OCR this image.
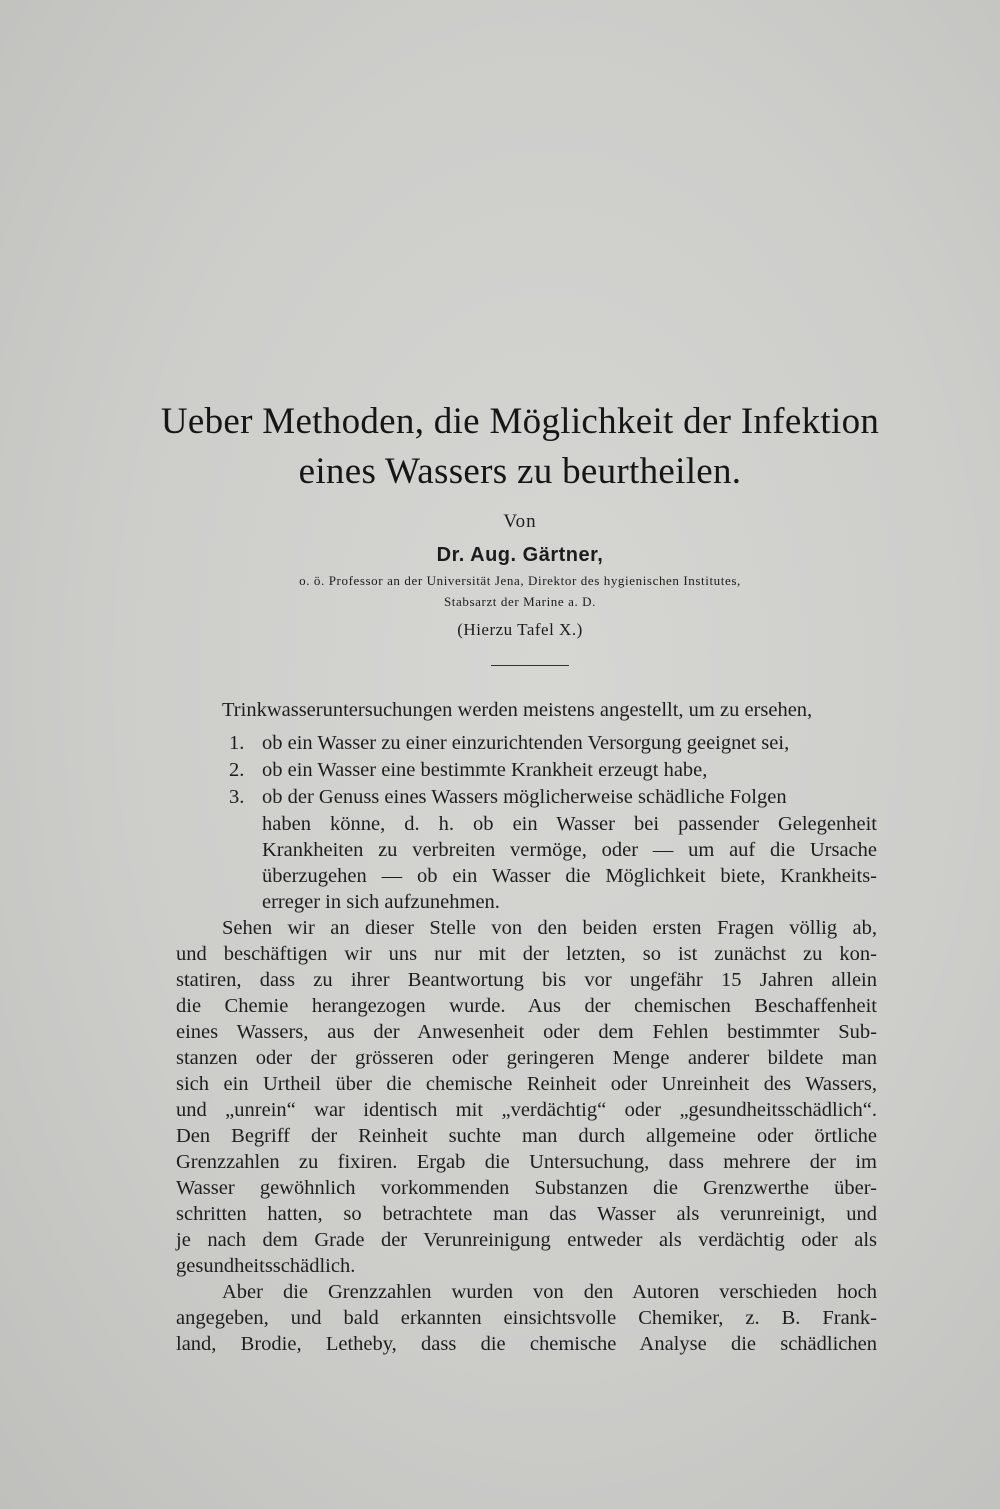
Ueber Methoden, die Möglichkeit der Infektion
eines Wassers zu beurtheilen.

Von

Dr. Aug. Gärtner,

o. ö. Professor an der Universität Jena, Direktor des hygienischen Institutes,

Stabsarzt der Marine a. D.

(Hierzu Tafel X.)

Trinkwasseruntersuchungen werden meistens angestellt, um zu ersehen,

1. ob ein Wasser zu einer einzurichtenden Versorgung geeignet sei,

2. ob ein Wasser eine bestimmte Krankheit erzeugt habe,

3. ob der Genuss eines Wassers möglicherweise schädliche Folgen

haben könne, d. h. ob ein Wasser bei passender Gelegenheit

Krankheiten zu verbreiten vermöge, oder — um auf die Ursache

überzugehen — ob ein Wasser die Möglichkeit biete, Krankheits-

erreger in sich aufzunehmen.

Sehen wir an dieser Stelle von den beiden ersten Fragen völlig ab,

und beschäftigen wir uns nur mit der letzten, so ist zunächst zu kon-

statiren, dass zu ihrer Beantwortung bis vor ungefähr 15 Jahren allein

die Chemie herangezogen wurde. Aus der chemischen Beschaffenheit

eines Wassers, aus der Anwesenheit oder dem Fehlen bestimmter Sub-

stanzen oder der grösseren oder geringeren Menge anderer bildete man

sich ein Urtheil über die chemische Reinheit oder Unreinheit des Wassers,

und „unrein“ war identisch mit „verdächtig“ oder „gesundheitsschädlich“.

Den Begriff der Reinheit suchte man durch allgemeine oder örtliche

Grenzzahlen zu fixiren. Ergab die Untersuchung, dass mehrere der im

Wasser gewöhnlich vorkommenden Substanzen die Grenzwerthe über-

schritten hatten, so betrachtete man das Wasser als verunreinigt, und

je nach dem Grade der Verunreinigung entweder als verdächtig oder als

gesundheitsschädlich.

Aber die Grenzzahlen wurden von den Autoren verschieden hoch

angegeben, und bald erkannten einsichtsvolle Chemiker, z. B. Frank-

land, Brodie, Letheby, dass die chemische Analyse die schädlichen
